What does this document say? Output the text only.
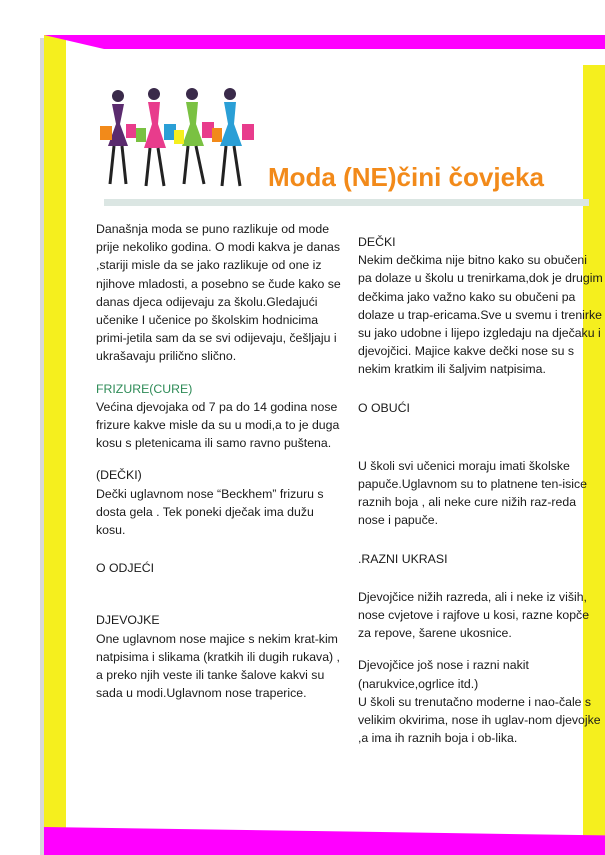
Moda (NE)čini čovjeka

Današnja moda se puno razlikuje od mode prije nekoliko godina. O modi kakva je danas ,stariji misle da se jako razlikuje od one iz njihove mladosti, a posebno se čude kako se danas djeca odijevaju za školu.Gledajući učenike I učenice po školskim hodnicima primi-jetila sam da se svi odijevaju, češljaju i ukrašavaju prilično slično.

FRIZURE(CURE)

Većina djevojaka od 7 pa do 14 godina nose frizure kakve misle da su u modi,a to je duga kosu s pletenicama ili samo ravno puštena.

(DEČKI)

Dečki uglavnom nose “Beckhem” frizuru s dosta gela . Tek poneki dječak ima dužu kosu.

O ODJEĆI

DJEVOJKE

One uglavnom nose majice s nekim krat-kim natpisima i slikama (kratkih ili dugih rukava) , a preko njih veste ili tanke šalove kakvi su sada u modi.Uglavnom nose traperice.

DEČKI

Nekim dečkima nije bitno kako su obučeni pa dolaze u školu u trenirkama,dok je drugim dečkima jako važno kako su obučeni pa dolaze u trap-ericama.Sve u svemu i trenirke su jako udobne i lijepo izgledaju na dječaku i djevojčici. Majice kakve dečki nose su s nekim kratkim ili šaljvim natpisima.

O OBUĆI

U školi svi učenici moraju imati školske papuče.Uglavnom su to platnene ten-isice raznih boja , ali neke cure nižih raz-reda nose i papuče.

.RAZNI UKRASI

Djevojčice nižih razreda, ali i neke iz viših, nose cvjetove i rajfove u kosi, razne kopče za repove, šarene ukosnice.

Djevojčice još nose i razni nakit (narukvice,ogrlice itd.)

U školi su trenutačno moderne i nao-čale s velikim okvirima, nose ih uglav-nom djevojke ,a ima ih raznih boja i ob-lika.
